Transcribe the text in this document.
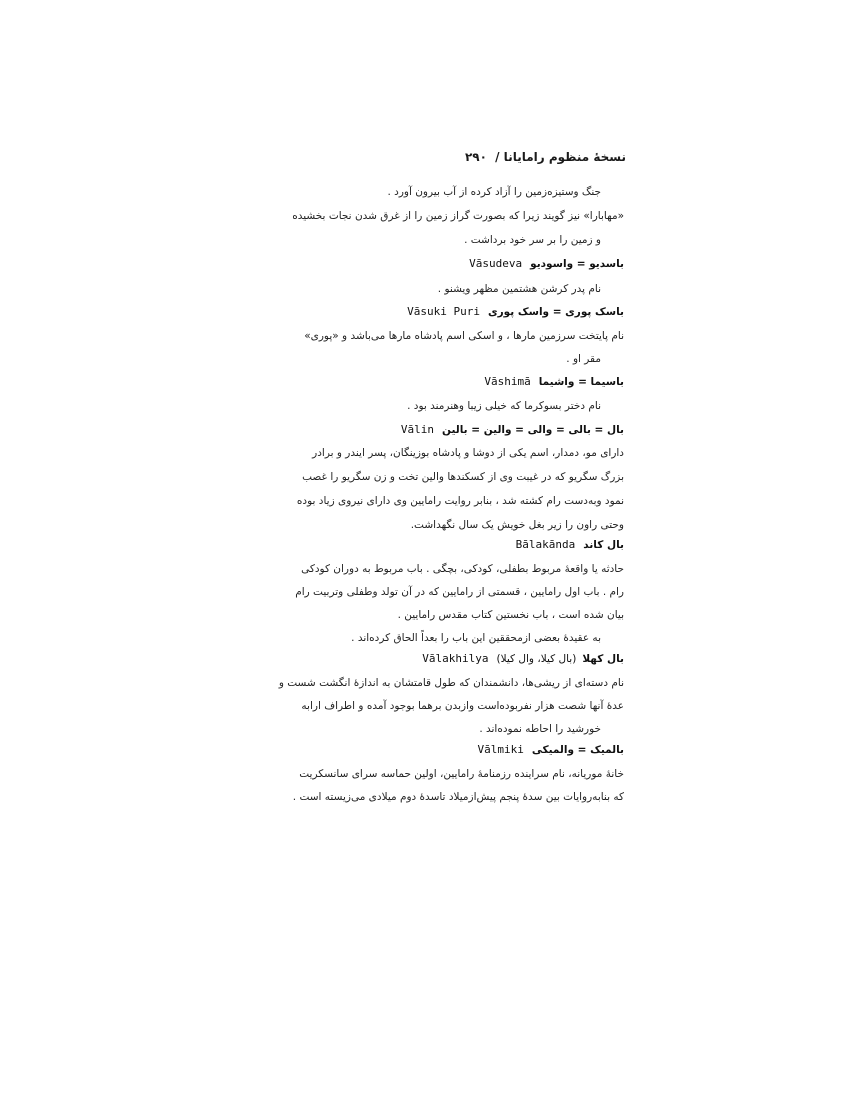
نسخهٔ منظوم رامایانا / ۲۹۰
جنگ وستیزه‌زمین را آزاد کرده از آب بیرون آورد .
«مهابارا» نیز گویند زیرا که بصورت گراز زمین را از غرق شدن نجات بخشیده
و زمین را بر سر خود برداشت .
باسدیو = واسودیوVāsudeva
نام پدر کرشن هشتمین مظهر ویشنو .
باسک پوری = واسک پوریVāsuki Puri
نام پایتخت سرزمین مارها ، و اسکی اسم پادشاه مارها می‌باشد و «پوری»
مقر او .
باسیما = واشیماVāshimā
نام دختر بسوکرما که خیلی زیبا وهنرمند بود .
بال = بالی = والی = والین = بالینVālin
دارای مو، دمدار، اسم یکی از دوشا و پادشاه بوزینگان، پسر ایندر و برادر
بزرگ سگریو که در غیبت وی از کسکندها والین تخت و زن سگریو را غصب
نمود وبه‌دست رام کشته شد ، بنابر روایت رامایین وی دارای نیروی زیاد بوده
وحتی راون را زیر بغل خویش یک سال نگهداشت.
بال کاندBālakānda
حادثه یا واقعهٔ مربوط بطفلی، کودکی، بچگی . باب مربوط به دوران کودکی
رام . باب اول رامایین ، قسمتی از رامایین که در آن تولد وطفلی وتربیت رام
بیان شده است ، باب نخستین کتاب مقدس رامایین .
به عقیدهٔ بعضی ازمحققین این باب را بعداً الحاق کرده‌اند .
بال کهلا(بال کیلا، وال کیلا)Vālakhilya
نام دسته‌ای از ریشی‌ها، دانشمندان که طول قامتشان به اندازهٔ انگشت شست و
عدهٔ آنها شصت هزار نفربوده‌است وازبدن برهما بوجود آمده و اطراف ارابه
خورشید را احاطه نموده‌اند .
بالمیک = والمیکیVālmiki
خانهٔ موریانه، نام سراینده رزمنامهٔ رامایین، اولین حماسه سرای سانسکریت
که بنابه‌روایات بین سدهٔ پنجم پیش‌ازمیلاد تاسدهٔ دوم میلادی می‌زیسته است .
